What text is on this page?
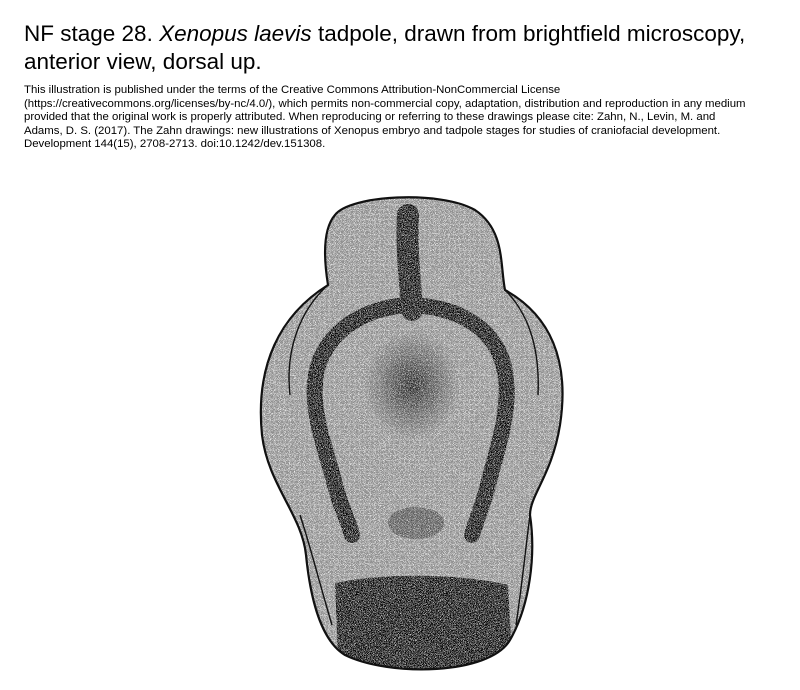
NF stage 28. Xenopus laevis tadpole, drawn from brightfield microscopy,
anterior view, dorsal up.
This illustration is published under the terms of the Creative Commons Attribution-NonCommercial License
(https://creativecommons.org/licenses/by-nc/4.0/), which permits non-commercial copy, adaptation, distribution and reproduction in any medium
provided that the original work is properly attributed. When reproducing or referring to these drawings please cite: Zahn, N., Levin, M. and
Adams, D. S. (2017). The Zahn drawings: new illustrations of Xenopus embryo and tadpole stages for studies of craniofacial development.
Development 144(15), 2708-2713. doi:10.1242/dev.151308.
